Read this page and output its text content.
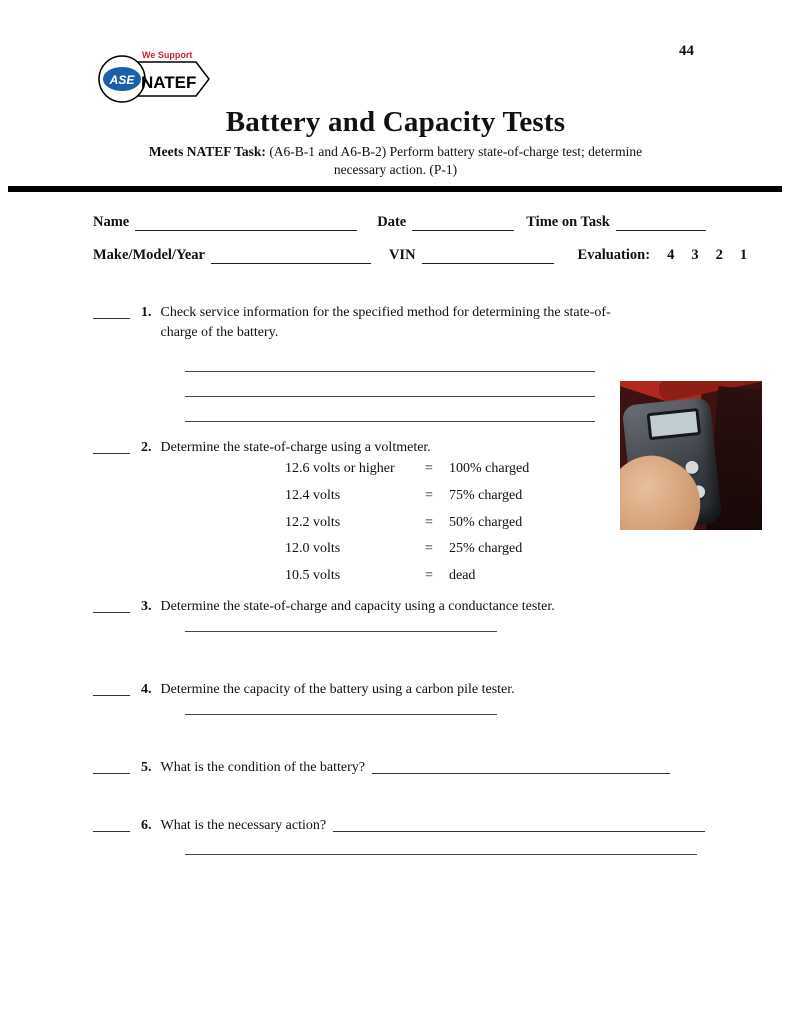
44
ASE
We Support
NATEF
Battery and Capacity Tests
Meets NATEF Task: (A6-B-1 and A6-B-2) Perform battery state-of-charge test; determine
necessary action. (P-1)
Name	Date	Time on Task
Make/Model/Year	VIN	Evaluation: 4 3 2 1
1. Check service information for the specified method for determining the state-of-
charge of the battery.
2. Determine the state-of-charge using a voltmeter.
12.6 volts or higher	=	100% charged
12.4 volts	=	75% charged
12.2 volts	=	50% charged
12.0 volts	=	25% charged
10.5 volts	=	dead
3. Determine the state-of-charge and capacity using a conductance tester.
4. Determine the capacity of the battery using a carbon pile tester.
5. What is the condition of the battery?
6. What is the necessary action?
